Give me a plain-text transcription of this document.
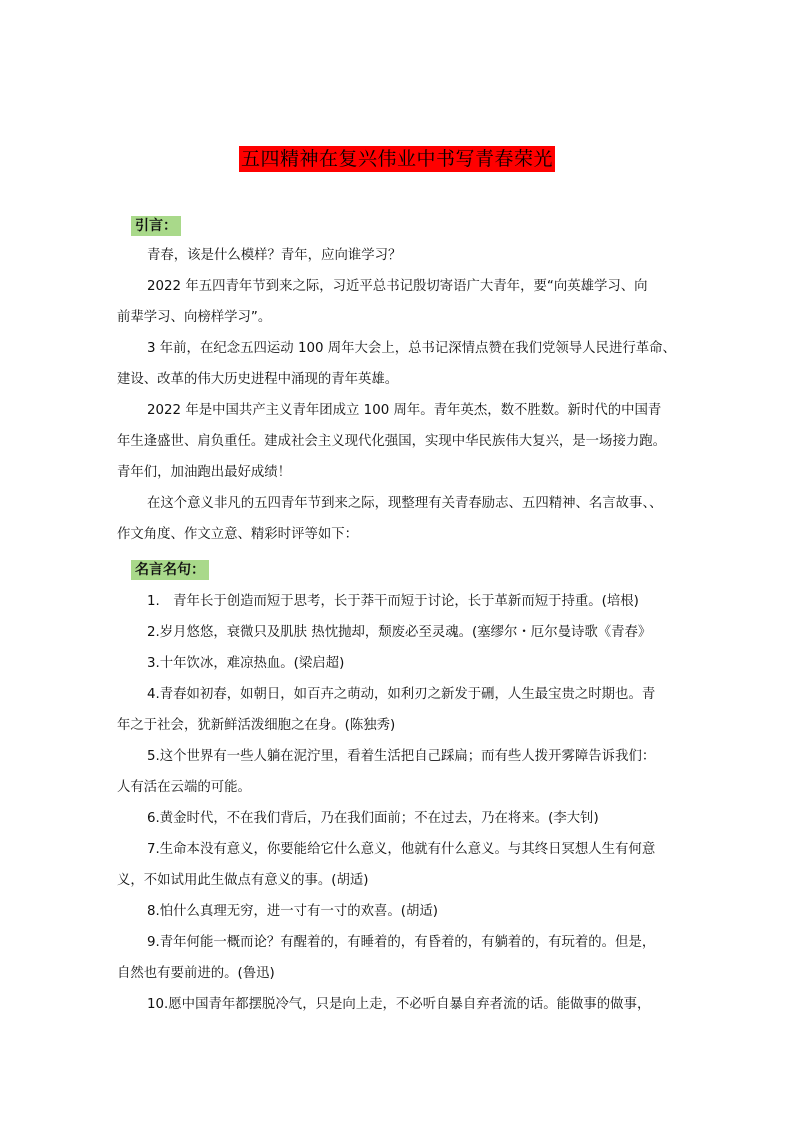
五四精神在复兴伟业中书写青春荣光
引言：

青春，该是什么模样？青年，应向谁学习？

2022 年五四青年节到来之际，习近平总书记殷切寄语广大青年，要“向英雄学习、向
前辈学习、向榜样学习”。

3 年前，在纪念五四运动 100 周年大会上，总书记深情点赞在我们党领导人民进行革命、
建设、改革的伟大历史进程中涌现的青年英雄。

2022 年是中国共产主义青年团成立 100 周年。青年英杰，数不胜数。新时代的中国青
年生逢盛世、肩负重任。建成社会主义现代化强国，实现中华民族伟大复兴，是一场接力跑。
青年们，加油跑出最好成绩！

在这个意义非凡的五四青年节到来之际，现整理有关青春励志、五四精神、名言故事、、
作文角度、作文立意、精彩时评等如下：

名言名句：

1.　青年长于创造而短于思考，长于莽干而短于讨论，长于革新而短于持重。(培根)

2.岁月悠悠，衰微只及肌肤 热忱抛却，颓废必至灵魂。(塞缪尔・厄尔曼诗歌《青春》

3.十年饮冰，难凉热血。(梁启超)

4.青春如初春，如朝日，如百卉之萌动，如利刃之新发于硎，人生最宝贵之时期也。青
年之于社会，犹新鲜活泼细胞之在身。(陈独秀)

5.这个世界有一些人躺在泥泞里，看着生活把自己踩扁；而有些人拨开雾障告诉我们：
人有活在云端的可能。

6.黄金时代，不在我们背后，乃在我们面前；不在过去，乃在将来。(李大钊)

7.生命本没有意义，你要能给它什么意义，他就有什么意义。与其终日冥想人生有何意
义，不如试用此生做点有意义的事。(胡适)

8.怕什么真理无穷，进一寸有一寸的欢喜。(胡适)

9.青年何能一概而论？有醒着的，有睡着的，有昏着的，有躺着的，有玩着的。但是，
自然也有要前进的。(鲁迅)

10.愿中国青年都摆脱冷气，只是向上走，不必听自暴自弃者流的话。能做事的做事，
